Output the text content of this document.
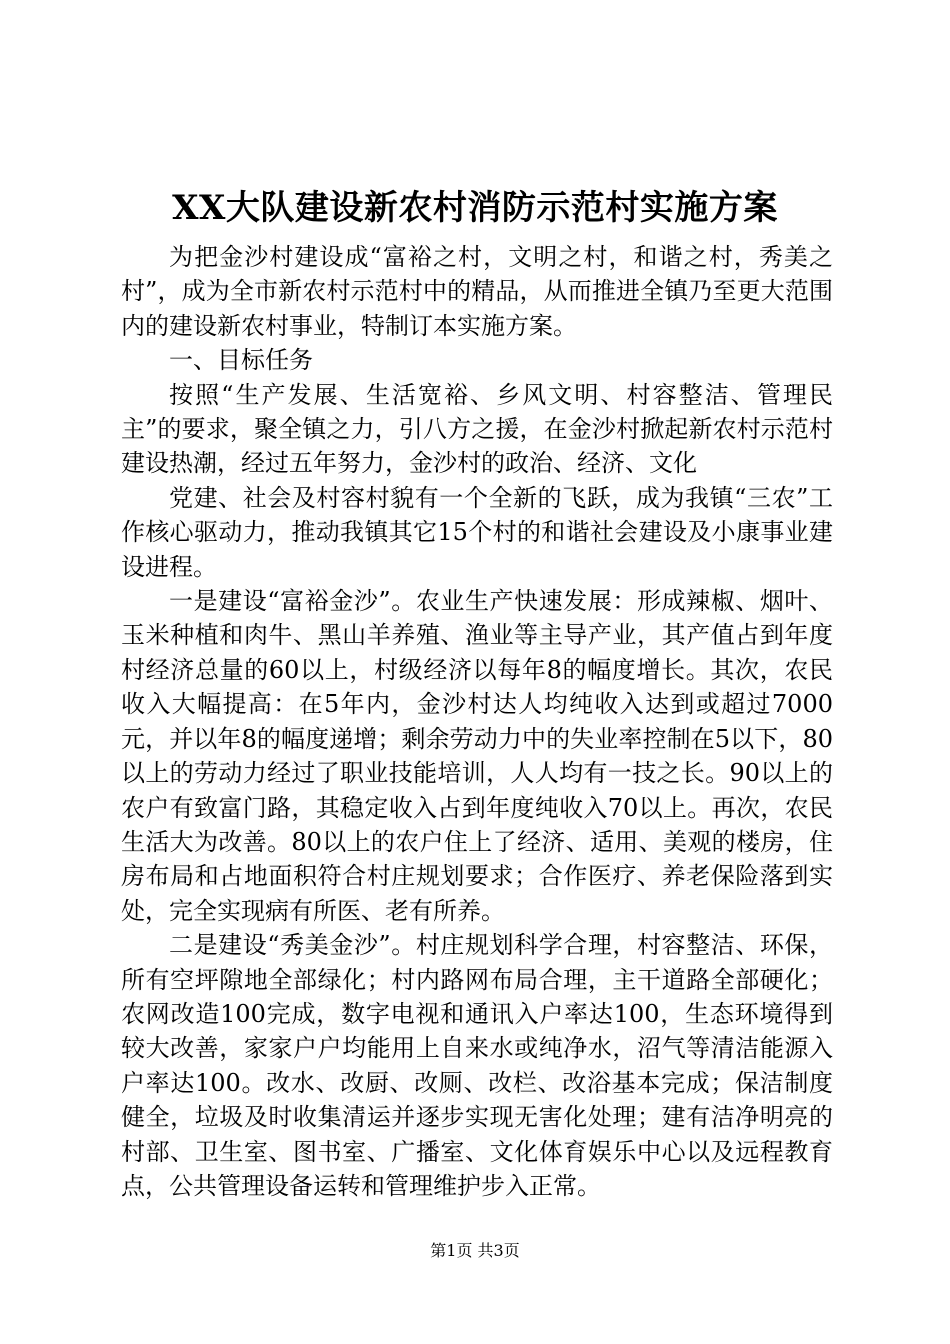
XX大队建设新农村消防示范村实施方案

为把金沙村建设成“富裕之村，文明之村，和谐之村，秀美之村”，成为全市新农村示范村中的精品，从而推进全镇乃至更大范围内的建设新农村事业，特制订本实施方案。

一、目标任务

按照“生产发展、生活宽裕、乡风文明、村容整洁、管理民主”的要求，聚全镇之力，引八方之援，在金沙村掀起新农村示范村建设热潮，经过五年努力，金沙村的政治、经济、文化

党建、社会及村容村貌有一个全新的飞跃，成为我镇“三农”工作核心驱动力，推动我镇其它15个村的和谐社会建设及小康事业建设进程。

一是建设“富裕金沙”。农业生产快速发展：形成辣椒、烟叶、玉米种植和肉牛、黑山羊养殖、渔业等主导产业，其产值占到年度村经济总量的60以上，村级经济以每年8的幅度增长。其次，农民收入大幅提高：在5年内，金沙村达人均纯收入达到或超过7000元，并以年8的幅度递增；剩余劳动力中的失业率控制在5以下，80以上的劳动力经过了职业技能培训，人人均有一技之长。90以上的农户有致富门路，其稳定收入占到年度纯收入70以上。再次，农民生活大为改善。80以上的农户住上了经济、适用、美观的楼房，住房布局和占地面积符合村庄规划要求；合作医疗、养老保险落到实处，完全实现病有所医、老有所养。

二是建设“秀美金沙”。村庄规划科学合理，村容整洁、环保，所有空坪隙地全部绿化；村内路网布局合理，主干道路全部硬化；农网改造100完成，数字电视和通讯入户率达100，生态环境得到较大改善，家家户户均能用上自来水或纯净水，沼气等清洁能源入户率达100。改水、改厨、改厕、改栏、改浴基本完成；保洁制度健全，垃圾及时收集清运并逐步实现无害化处理；建有洁净明亮的村部、卫生室、图书室、广播室、文化体育娱乐中心以及远程教育点，公共管理设备运转和管理维护步入正常。

第1页 共3页
